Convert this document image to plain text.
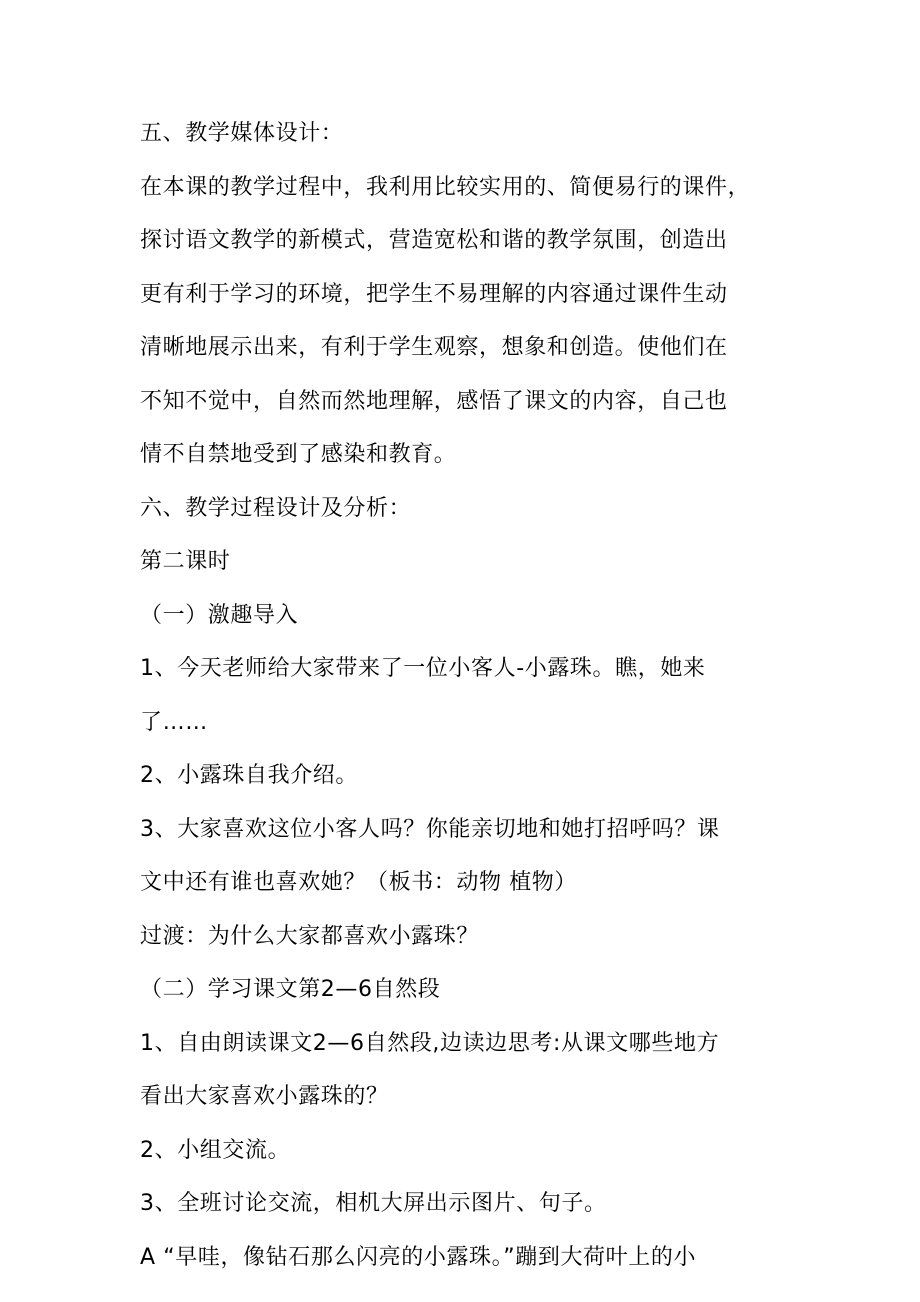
五、教学媒体设计：
在本课的教学过程中，我利用比较实用的、简便易行的课件，
探讨语文教学的新模式，营造宽松和谐的教学氛围，创造出
更有利于学习的环境，把学生不易理解的内容通过课件生动
清晰地展示出来，有利于学生观察，想象和创造。使他们在
不知不觉中，自然而然地理解，感悟了课文的内容，自己也
情不自禁地受到了感染和教育。
六、教学过程设计及分析：
第二课时
（一）激趣导入
1、今天老师给大家带来了一位小客人-小露珠。瞧，她来
了……
2、小露珠自我介绍。
3、大家喜欢这位小客人吗？你能亲切地和她打招呼吗？课
文中还有谁也喜欢她？（板书：动物 植物）
过渡：为什么大家都喜欢小露珠？
（二）学习课文第2—6自然段
1、自由朗读课文2—6自然段,边读边思考:从课文哪些地方
看出大家喜欢小露珠的？
2、小组交流。
3、全班讨论交流，相机大屏出示图片、句子。
A “早哇，像钻石那么闪亮的小露珠。”蹦到大荷叶上的小
